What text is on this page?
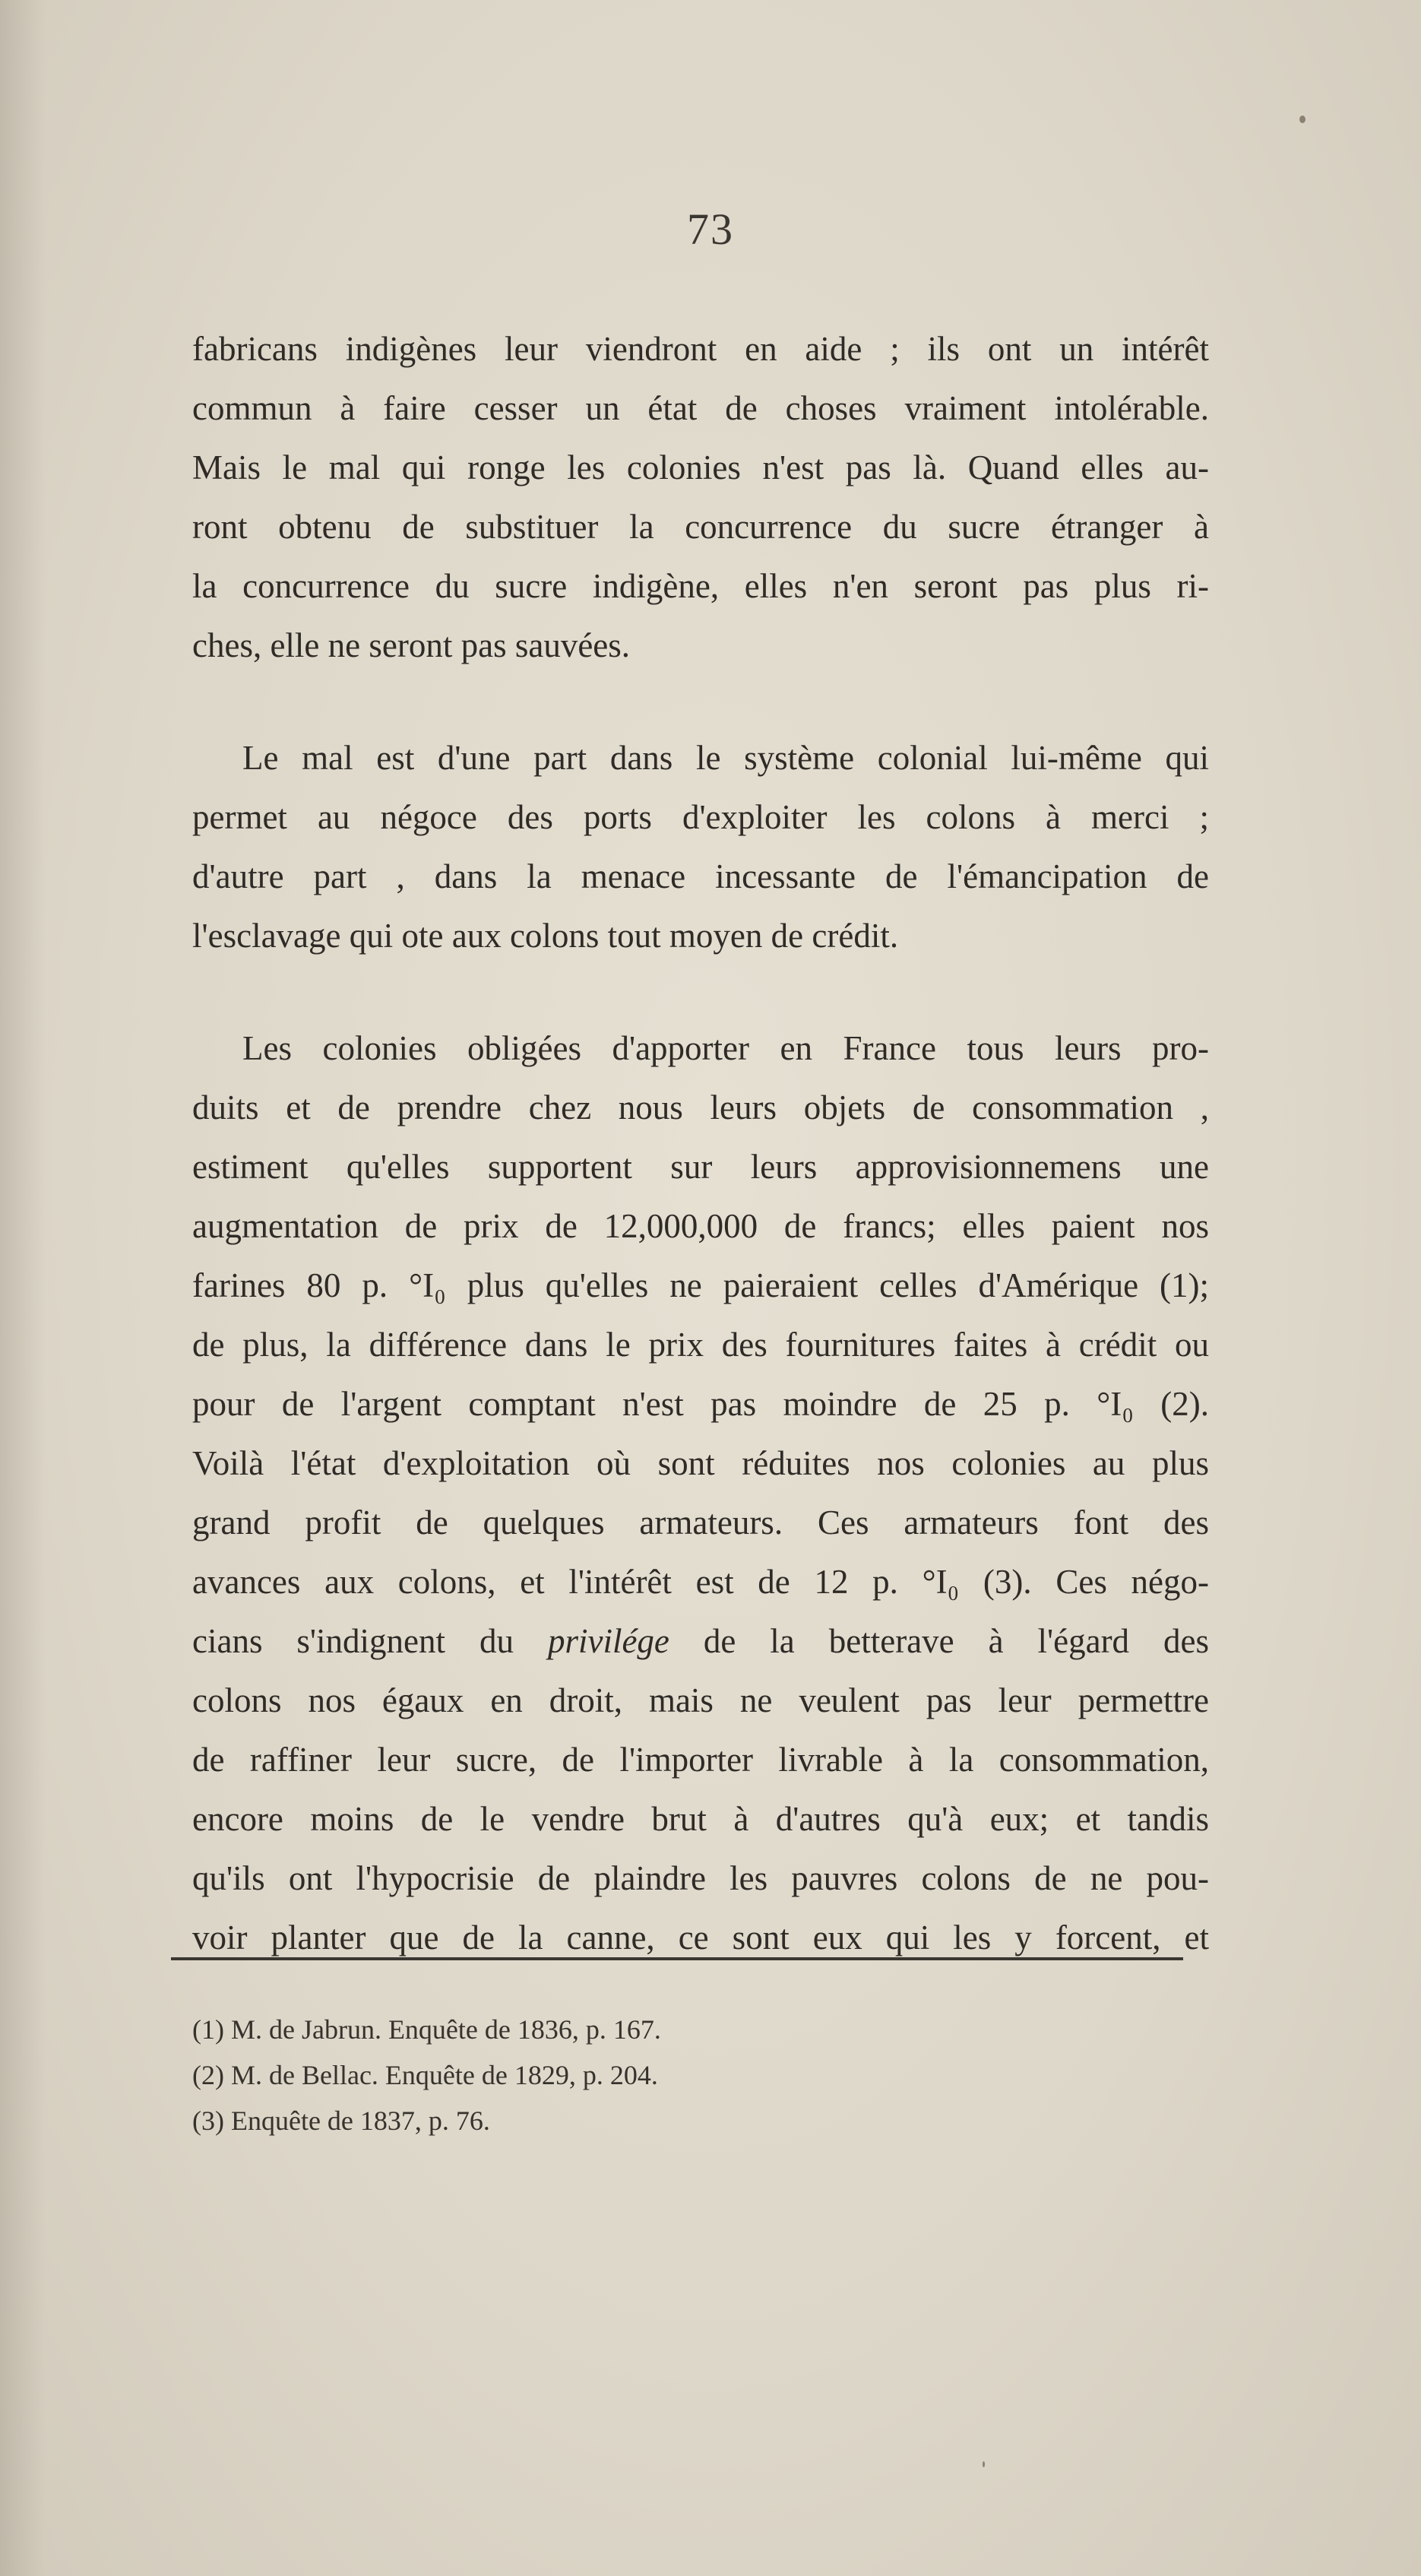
73
fabricans indigènes leur viendront en aide ; ils ont un intérêt
commun à faire cesser un état de choses vraiment intolérable.
Mais le mal qui ronge les colonies n'est pas là. Quand elles au-
ront obtenu de substituer la concurrence du sucre étranger à
la concurrence du sucre indigène, elles n'en seront pas plus ri-
ches, elle ne seront pas sauvées.
Le mal est d'une part dans le système colonial lui-même qui
permet au négoce des ports d'exploiter les colons à merci ;
d'autre part , dans la menace incessante de l'émancipation de
l'esclavage qui ote aux colons tout moyen de crédit.
Les colonies obligées d'apporter en France tous leurs pro-
duits et de prendre chez nous leurs objets de consommation ,
estiment qu'elles supportent sur leurs approvisionnemens une
augmentation de prix de 12,000,000 de francs; elles paient nos
farines 80 p. °I₀ plus qu'elles ne paieraient celles d'Amérique (1);
de plus, la différence dans le prix des fournitures faites à crédit ou
pour de l'argent comptant n'est pas moindre de 25 p. °I₀ (2).
Voilà l'état d'exploitation où sont réduites nos colonies au plus
grand profit de quelques armateurs. Ces armateurs font des
avances aux colons, et l'intérêt est de 12 p. °I₀ (3). Ces négo-
cians s'indignent du privilége de la betterave à l'égard des
colons nos égaux en droit, mais ne veulent pas leur permettre
de raffiner leur sucre, de l'importer livrable à la consommation,
encore moins de le vendre brut à d'autres qu'à eux; et tandis
qu'ils ont l'hypocrisie de plaindre les pauvres colons de ne pou-
voir planter que de la canne, ce sont eux qui les y forcent, et
(1) M. de Jabrun. Enquête de 1836, p. 167.
(2) M. de Bellac. Enquête de 1829, p. 204.
(3) Enquête de 1837, p. 76.
